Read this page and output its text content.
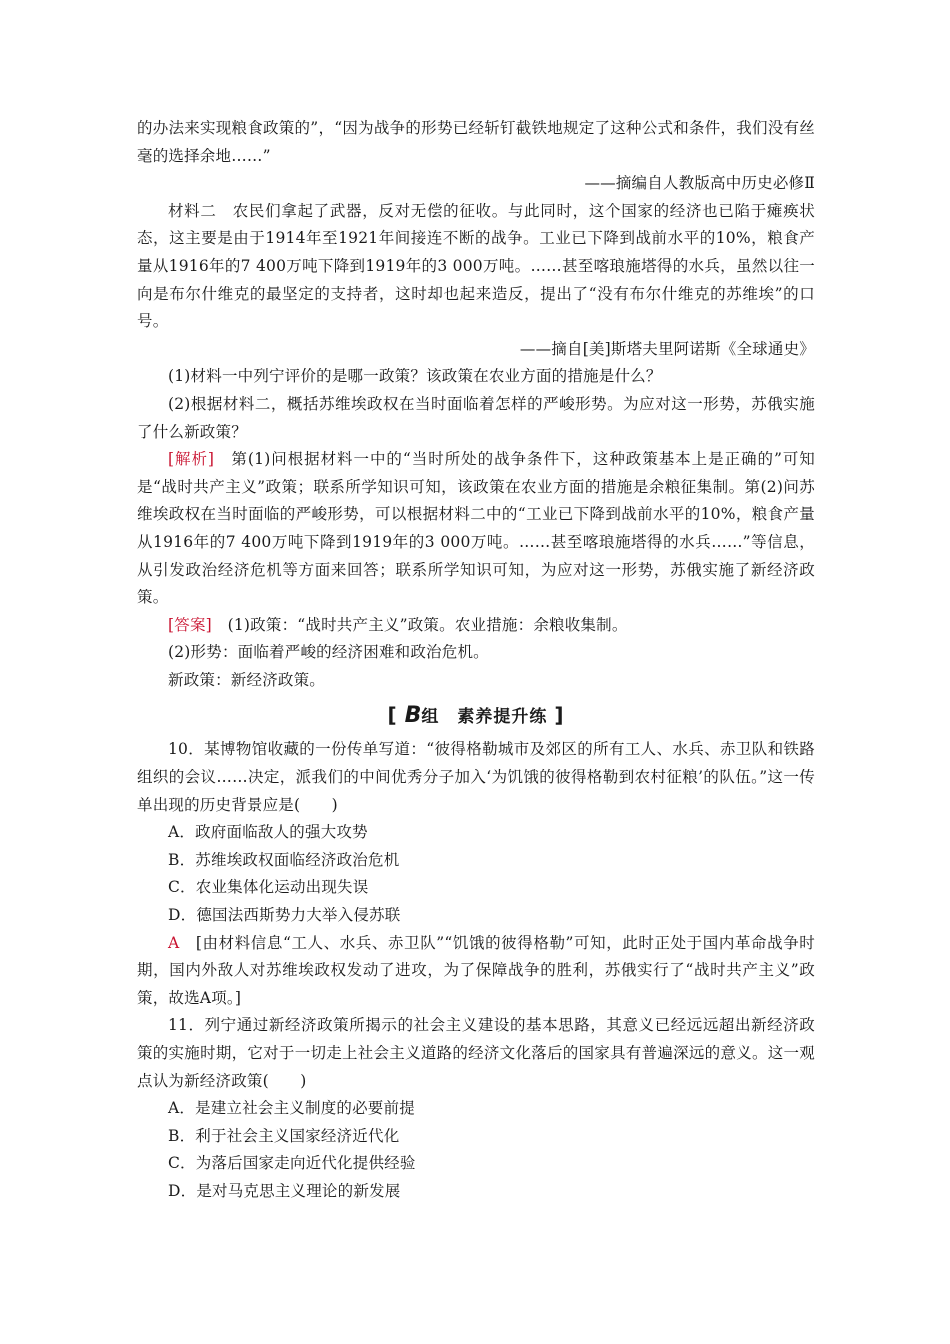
的办法来实现粮食政策的”，“因为战争的形势已经斩钉截铁地规定了这种公式和条件，我们没有丝毫的选择余地……”

——摘编自人教版高中历史必修Ⅱ

材料二　农民们拿起了武器，反对无偿的征收。与此同时，这个国家的经济也已陷于瘫痪状态，这主要是由于1914年至1921年间接连不断的战争。工业已下降到战前水平的10%，粮食产量从1916年的7 400万吨下降到1919年的3 000万吨。……甚至喀琅施塔得的水兵，虽然以往一向是布尔什维克的最坚定的支持者，这时却也起来造反，提出了“没有布尔什维克的苏维埃”的口号。

——摘自[美]斯塔夫里阿诺斯《全球通史》

(1)材料一中列宁评价的是哪一政策？该政策在农业方面的措施是什么？

(2)根据材料二，概括苏维埃政权在当时面临着怎样的严峻形势。为应对这一形势，苏俄实施了什么新政策？

[解析]　 第(1)问根据材料一中的“当时所处的战争条件下，这种政策基本上是正确的”可知是“战时共产主义”政策；联系所学知识可知，该政策在农业方面的措施是余粮征集制。第(2)问苏维埃政权在当时面临的严峻形势，可以根据材料二中的“工业已下降到战前水平的10%，粮食产量从1916年的7 400万吨下降到1919年的3 000万吨。……甚至喀琅施塔得的水兵……”等信息，从引发政治经济危机等方面来回答；联系所学知识可知，为应对这一形势，苏俄实施了新经济政策。

[答案]　 (1)政策：“战时共产主义”政策。农业措施：余粮收集制。

(2)形势：面临着严峻的经济困难和政治危机。

新政策：新经济政策。

[ B组　素养提升练 ]

10．某博物馆收藏的一份传单写道：“彼得格勒城市及郊区的所有工人、水兵、赤卫队和铁路组织的会议……决定，派我们的中间优秀分子加入‘为饥饿的彼得格勒到农村征粮’的队伍。”这一传单出现的历史背景应是(　　)

A．政府面临敌人的强大攻势

B．苏维埃政权面临经济政治危机

C．农业集体化运动出现失误

D．德国法西斯势力大举入侵苏联

A　 [由材料信息“工人、水兵、赤卫队”“饥饿的彼得格勒”可知，此时正处于国内革命战争时期，国内外敌人对苏维埃政权发动了进攻，为了保障战争的胜利，苏俄实行了“战时共产主义”政策，故选A项。]

11．列宁通过新经济政策所揭示的社会主义建设的基本思路，其意义已经远远超出新经济政策的实施时期，它对于一切走上社会主义道路的经济文化落后的国家具有普遍深远的意义。这一观点认为新经济政策(　　)

A．是建立社会主义制度的必要前提

B．利于社会主义国家经济近代化

C．为落后国家走向近代化提供经验

D．是对马克思主义理论的新发展
